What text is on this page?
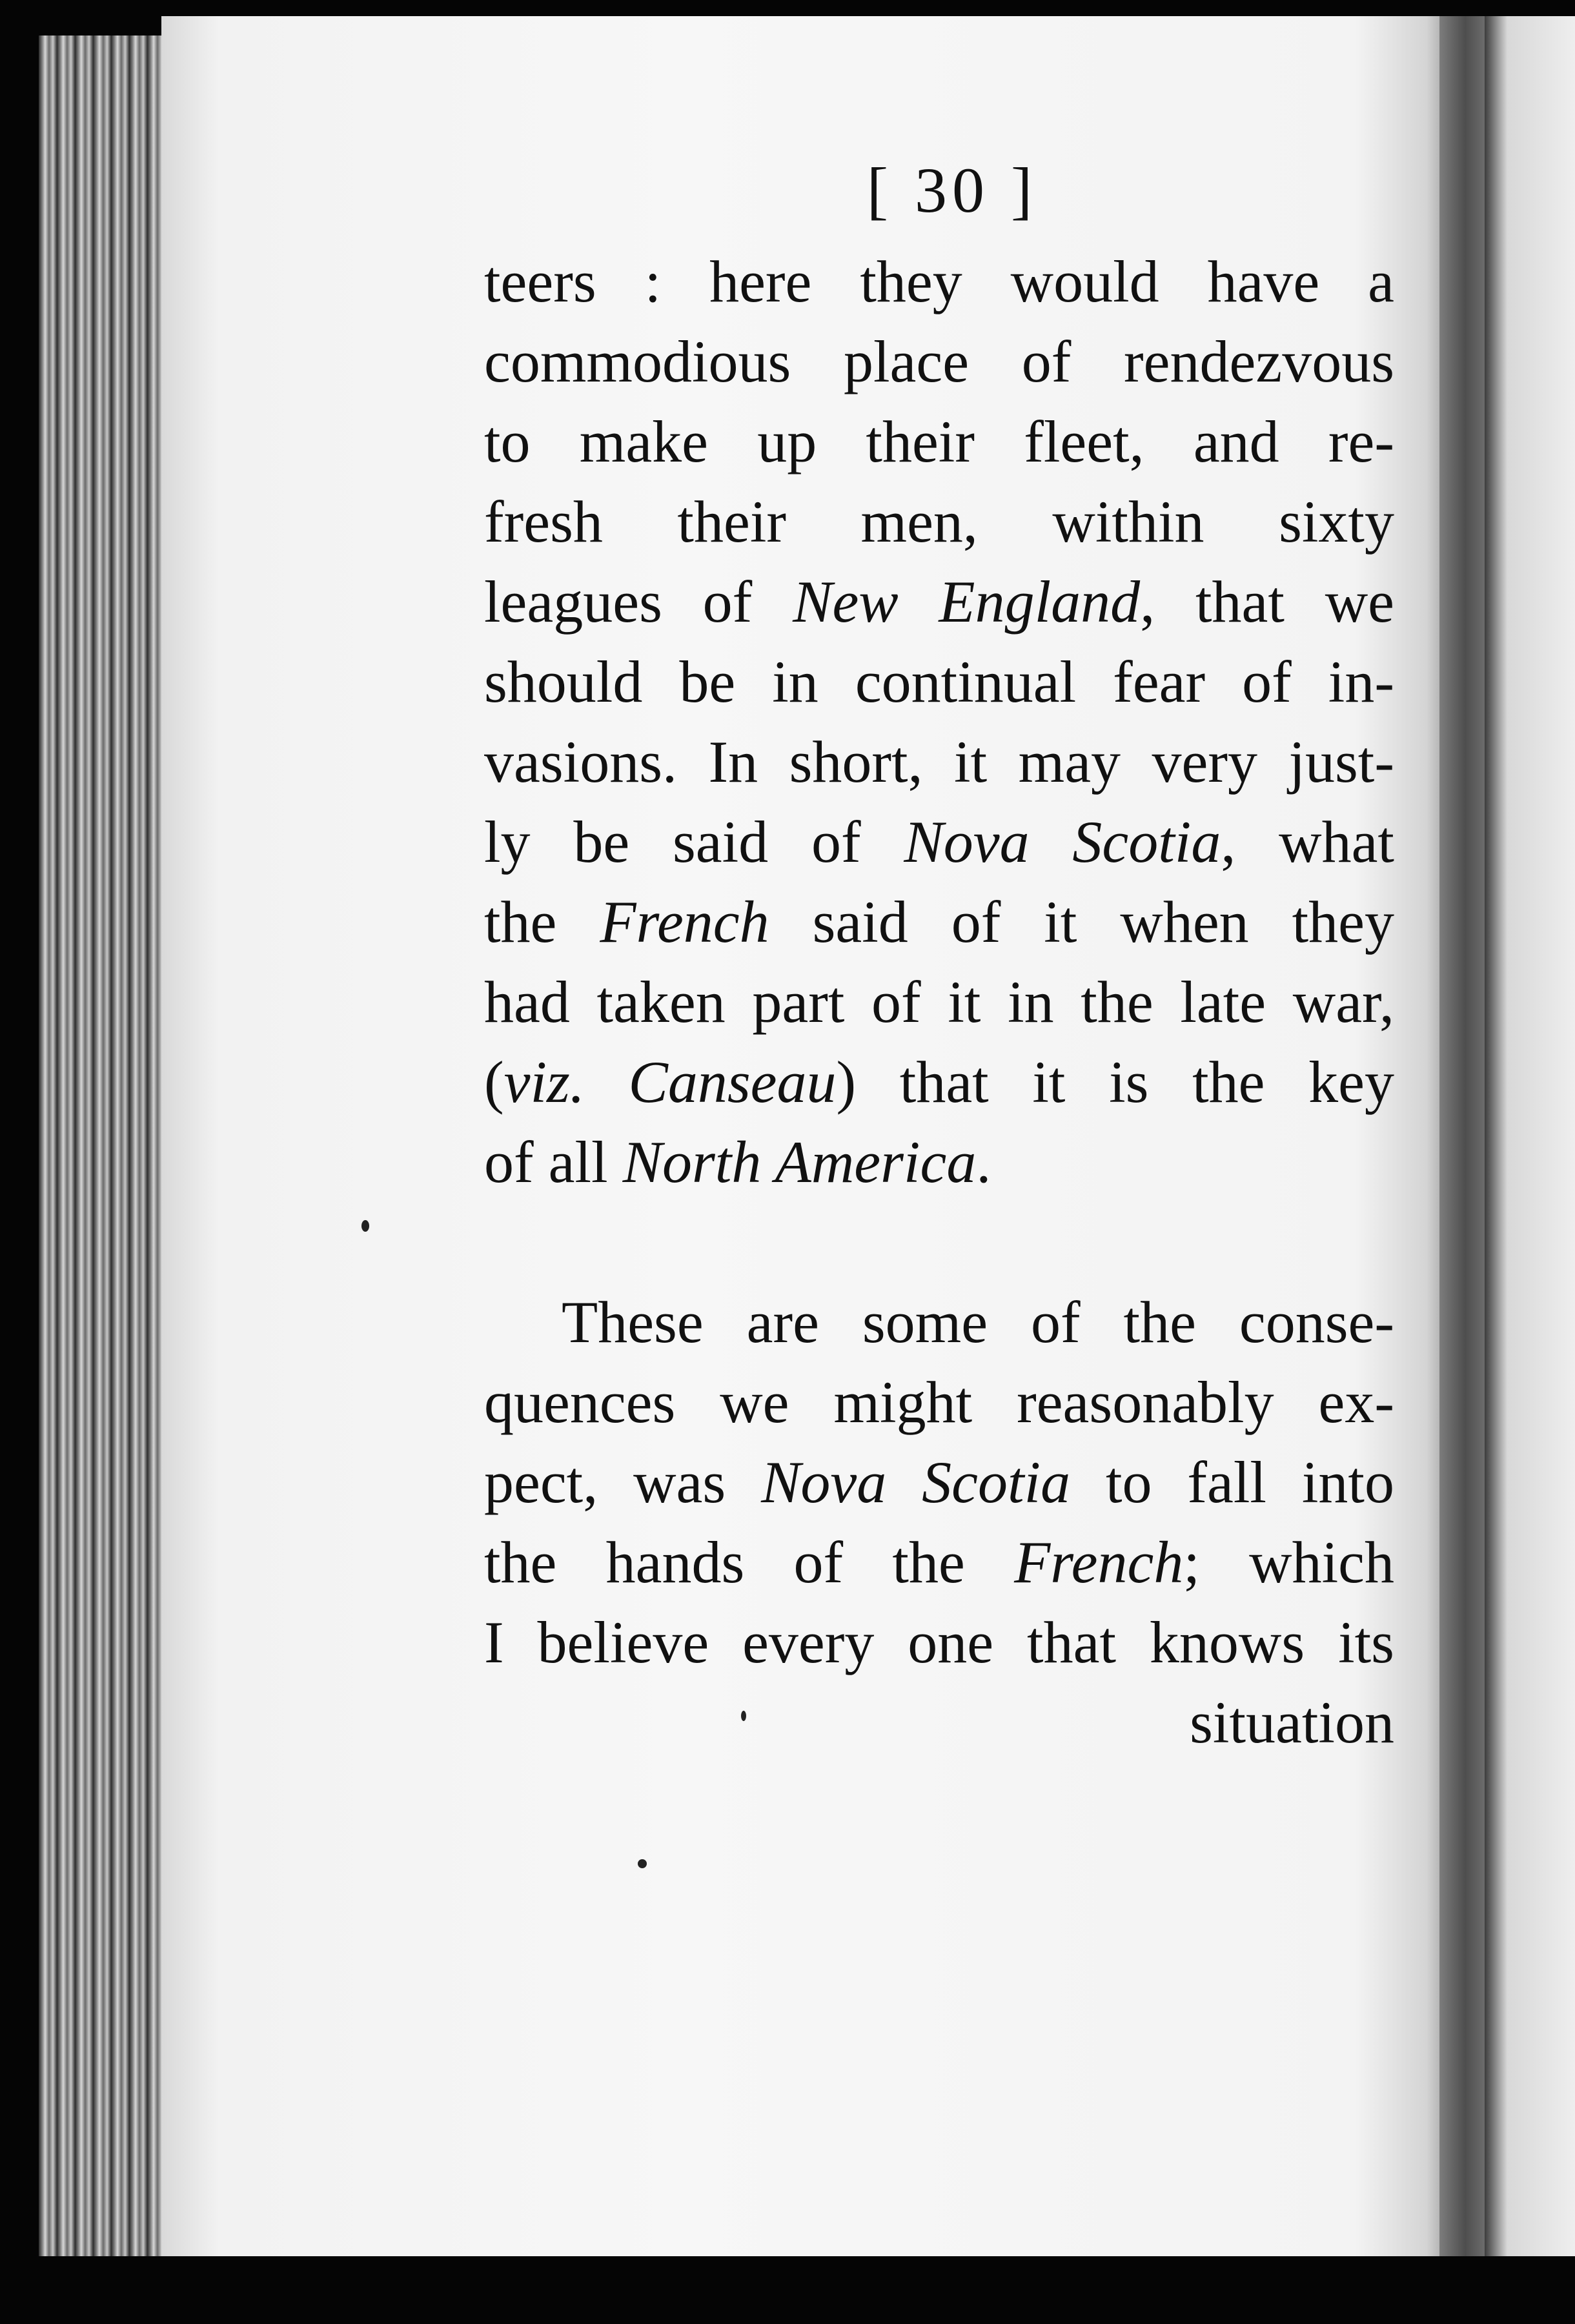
[ 30 ]
teers : here they would have a
commodious place of rendezvous
to make up their fleet, and re-
fresh their men, within sixty
leagues of New England, that we
should be in continual fear of in-
vasions. In short, it may very just-
ly be said of Nova Scotia, what
the French said of it when they
had taken part of it in the late war,
(viz. Canseau) that it is the key
of all North America.
These are some of the conse-
quences we might reasonably ex-
pect, was Nova Scotia to fall into
the hands of the French; which
I believe every one that knows its
situation
